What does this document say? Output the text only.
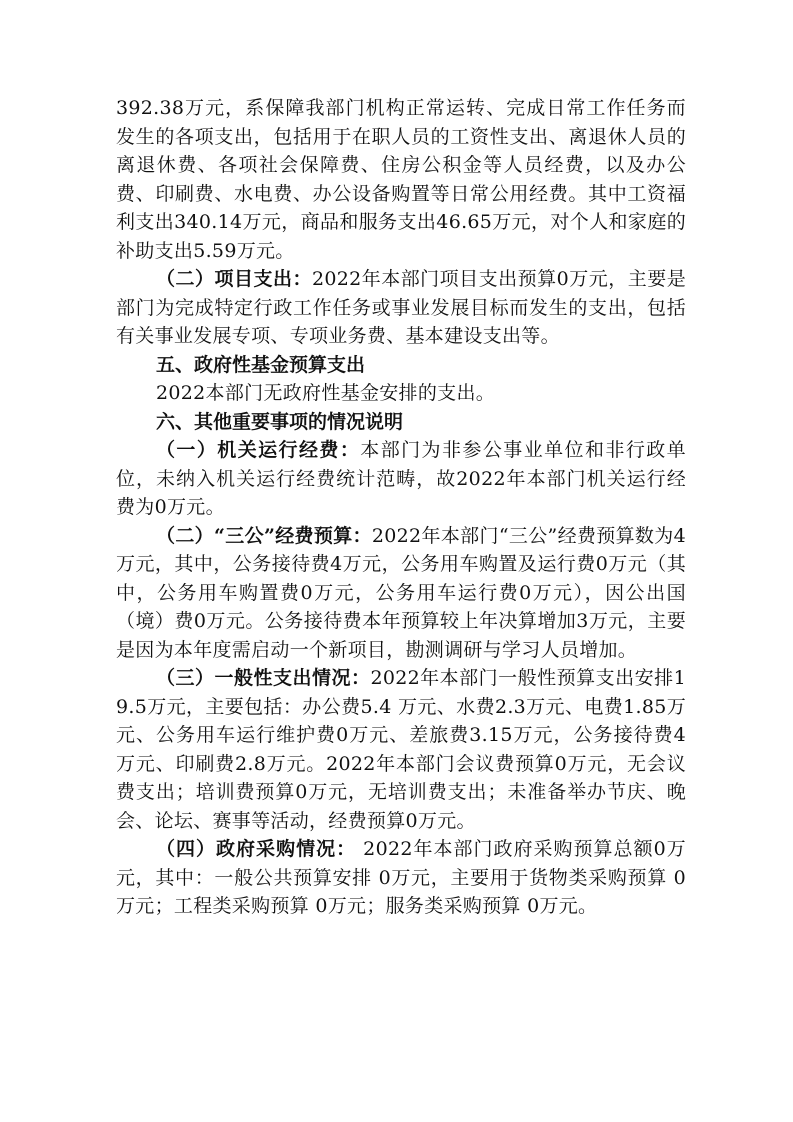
392.38万元，系保障我部门机构正常运转、完成日常工作任务而发生的各项支出，包括用于在职人员的工资性支出、离退休人员的离退休费、各项社会保障费、住房公积金等人员经费，以及办公费、印刷费、水电费、办公设备购置等日常公用经费。其中工资福利支出340.14万元，商品和服务支出46.65万元，对个人和家庭的补助支出5.59万元。

（二）项目支出：2022年本部门项目支出预算0万元，主要是部门为完成特定行政工作任务或事业发展目标而发生的支出，包括有关事业发展专项、专项业务费、基本建设支出等。

五、政府性基金预算支出

2022本部门无政府性基金安排的支出。

六、其他重要事项的情况说明

（一）机关运行经费：本部门为非参公事业单位和非行政单位，未纳入机关运行经费统计范畴，故2022年本部门机关运行经费为0万元。

（二）“三公”经费预算：2022年本部门“三公”经费预算数为4万元，其中，公务接待费4万元，公务用车购置及运行费0万元（其中，公务用车购置费0万元，公务用车运行费0万元），因公出国（境）费0万元。公务接待费本年预算较上年决算增加3万元，主要是因为本年度需启动一个新项目，勘测调研与学习人员增加。

（三）一般性支出情况：2022年本部门一般性预算支出安排19.5万元，主要包括：办公费5.4 万元、水费2.3万元、电费1.85万元、公务用车运行维护费0万元、差旅费3.15万元，公务接待费4万元、印刷费2.8万元。2022年本部门会议费预算0万元，无会议费支出；培训费预算0万元，无培训费支出；未准备举办节庆、晚会、论坛、赛事等活动，经费预算0万元。

（四）政府采购情况： 2022年本部门政府采购预算总额0万元，其中：一般公共预算安排 0万元，主要用于货物类采购预算 0万元；工程类采购预算 0万元；服务类采购预算 0万元。
